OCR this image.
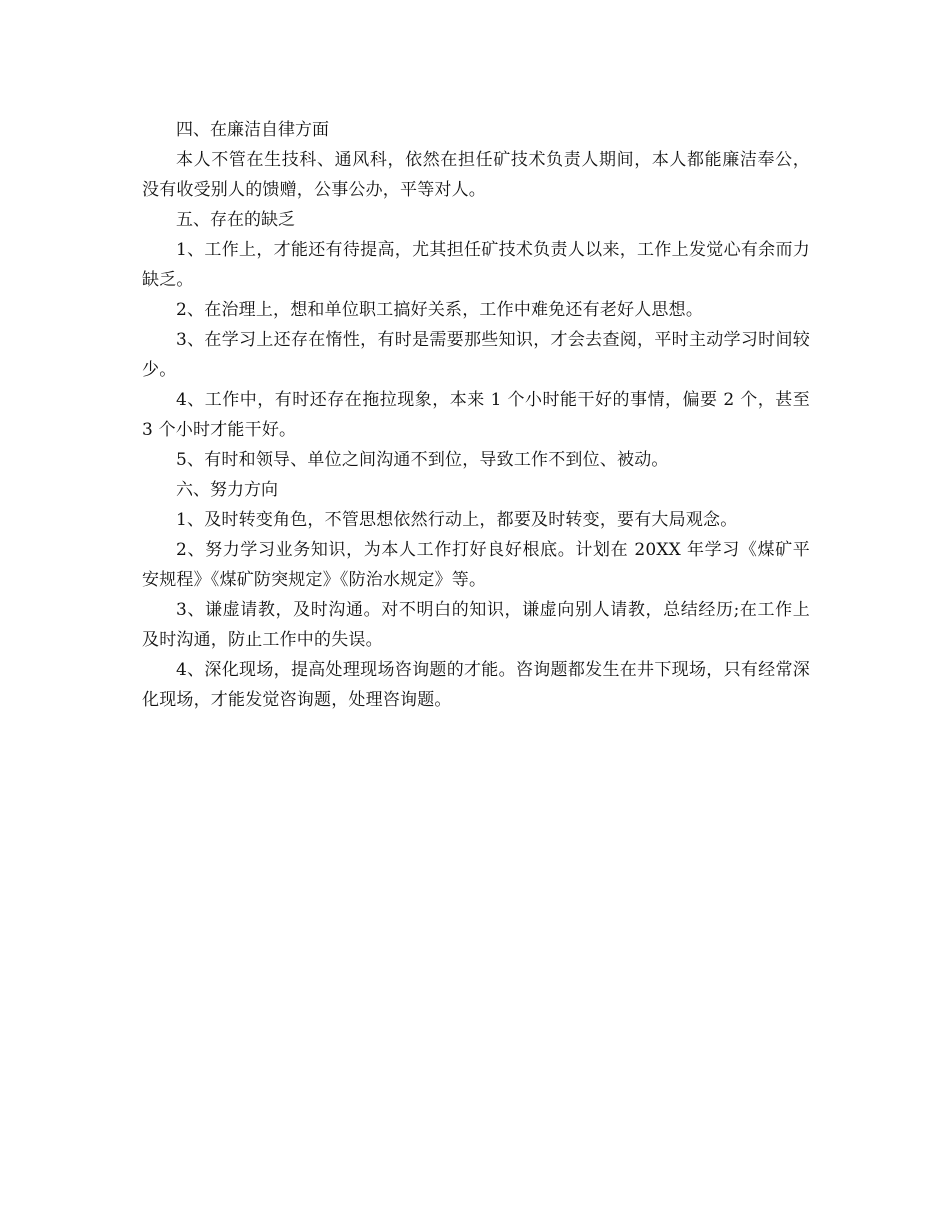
四、在廉洁自律方面

本人不管在生技科、通风科，依然在担任矿技术负责人期间，本人都能廉洁奉公，没有收受别人的馈赠，公事公办，平等对人。

五、存在的缺乏

1、工作上，才能还有待提高，尤其担任矿技术负责人以来，工作上发觉心有余而力缺乏。

2、在治理上，想和单位职工搞好关系，工作中难免还有老好人思想。

3、在学习上还存在惰性，有时是需要那些知识，才会去查阅，平时主动学习时间较少。

4、工作中，有时还存在拖拉现象，本来 1 个小时能干好的事情，偏要 2 个，甚至 3 个小时才能干好。

5、有时和领导、单位之间沟通不到位，导致工作不到位、被动。

六、努力方向

1、及时转变角色，不管思想依然行动上，都要及时转变，要有大局观念。

2、努力学习业务知识，为本人工作打好良好根底。计划在 20XX 年学习《煤矿平安规程》《煤矿防突规定》《防治水规定》等。

3、谦虚请教，及时沟通。对不明白的知识，谦虚向别人请教，总结经历;在工作上及时沟通，防止工作中的失误。

4、深化现场，提高处理现场咨询题的才能。咨询题都发生在井下现场，只有经常深化现场，才能发觉咨询题，处理咨询题。
